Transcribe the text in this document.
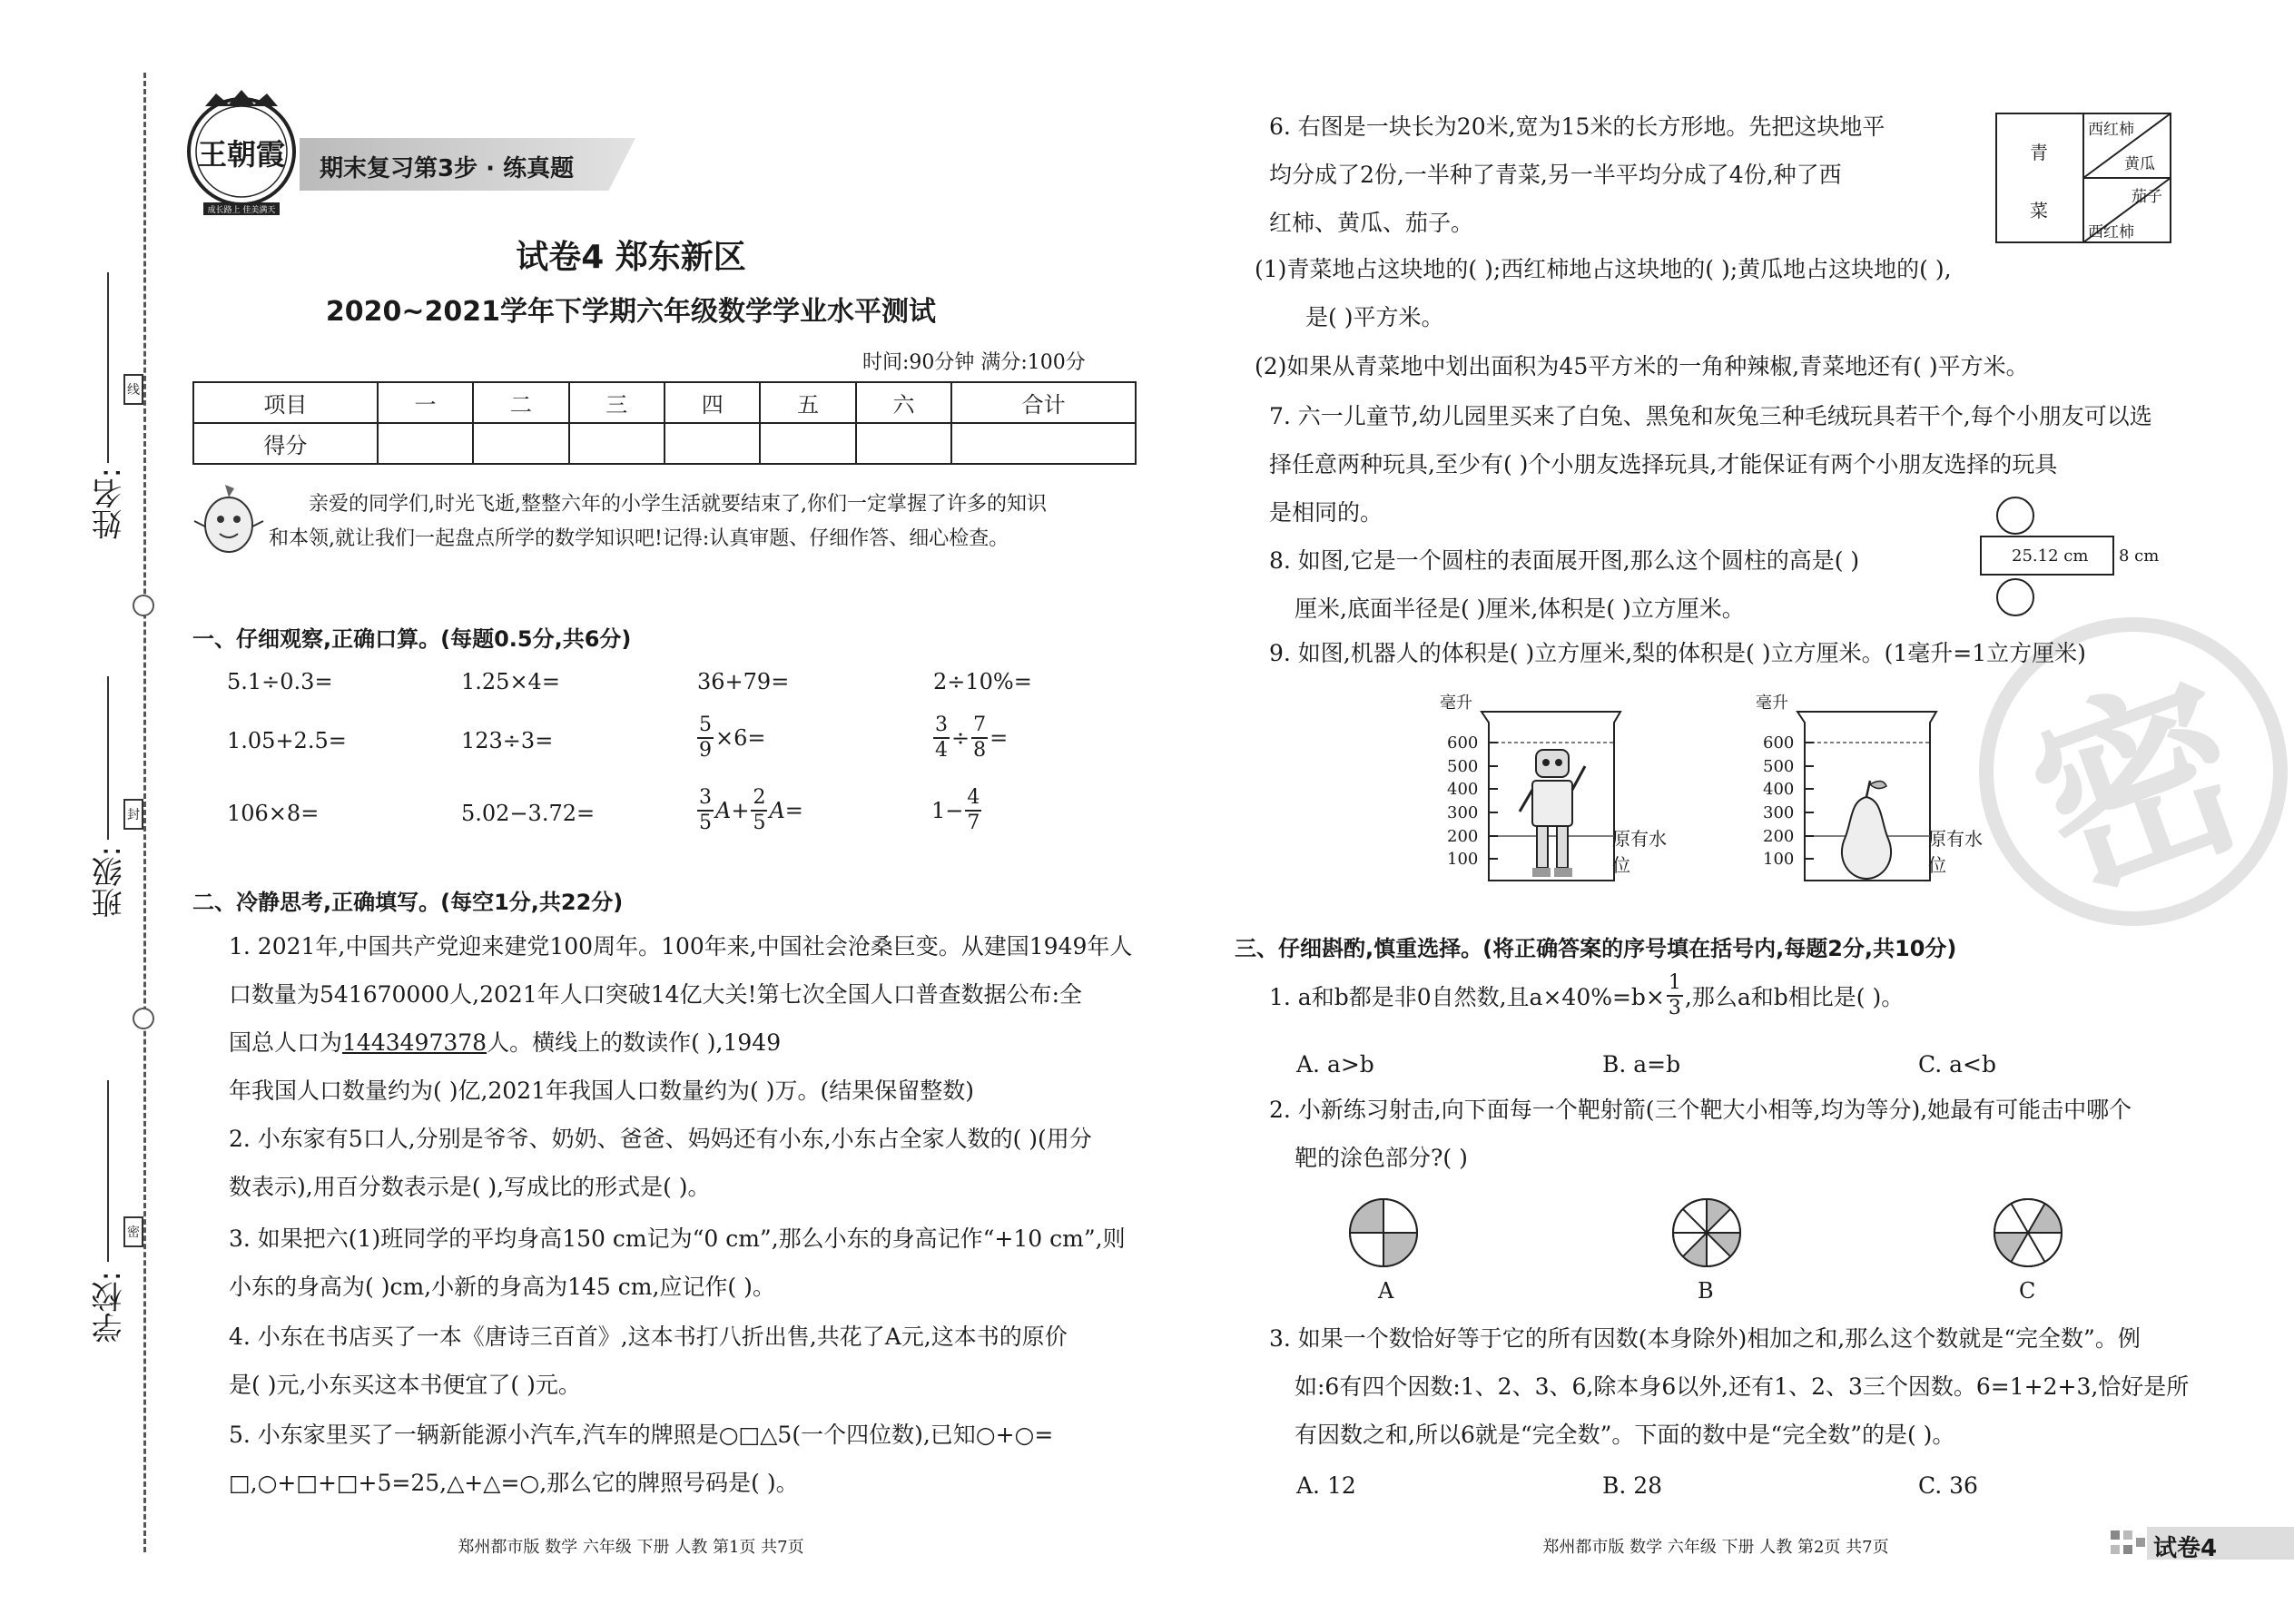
姓名:
班级:
学校:
线
封
密
王朝霞
成长路上 佳美满天
期末复习第3步 · 练真题
试卷4 郑东新区
2020~2021学年下学期六年级数学学业水平测试
时间:90分钟 满分:100分
项目	一	二	三	四	五	六	合计
得分							
亲爱的同学们,时光飞逝,整整六年的小学生活就要结束了,你们一定掌握了许多的知识
和本领,就让我们一起盘点所学的数学知识吧!记得:认真审题、仔细作答、细心检查。
一、仔细观察,正确口算。(每题0.5分,共6分)
5.1÷0.3=	1.25×4=	36+79=	2÷10%=
1.05+2.5=	123÷3=	$\frac{5}{9} \times 6=$	$\frac{3}{4} \div \frac{7}{8}$ =
106×8=	5.02−3.72=	$\frac{3}{5} A+ \frac{2}{5} A=$	$1- \frac{4}{7}$
二、冷静思考,正确填写。(每空1分,共22分)
1. 2021年,中国共产党迎来建党100周年。100年来,中国社会沧桑巨变。从建国1949年人
口数量为541670000人,2021年人口突破14亿大关!第七次全国人口普查数据公布:全
国总人口为1443497378人。横线上的数读作( ),1949
年我国人口数量约为( )亿,2021年我国人口数量约为( )万。(结果保留整数)
2. 小东家有5口人,分别是爷爷、奶奶、爸爸、妈妈还有小东,小东占全家人数的( )(用分
数表示),用百分数表示是( ),写成比的形式是( )。
3. 如果把六(1)班同学的平均身高150 cm记为“0 cm”,那么小东的身高记作“+10 cm”,则
小东的身高为( )cm,小新的身高为145 cm,应记作( )。
4. 小东在书店买了一本《唐诗三百首》,这本书打八折出售,共花了A元,这本书的原价
是( )元,小东买这本书便宜了( )元。
5. 小东家里买了一辆新能源小汽车,汽车的牌照是○□△5(一个四位数),已知○+○=
□,○+□+□+5=25,△+△=○,那么它的牌照号码是( )。
郑州都市版 数学 六年级 下册 人教 第1页 共7页
密
6. 右图是一块长为20米,宽为15米的长方形地。先把这块地平
均分成了2份,一半种了青菜,另一半平均分成了4份,种了西
红柿、黄瓜、茄子。
(1)青菜地占这块地的( );西红柿地占这块地的( );黄瓜地占这块地的( ),
是( )平方米。
(2)如果从青菜地中划出面积为45平方米的一角种辣椒,青菜地还有( )平方米。
青
菜
西红柿
黄瓜
茄子
西红柿
7. 六一儿童节,幼儿园里买来了白兔、黑兔和灰兔三种毛绒玩具若干个,每个小朋友可以选
择任意两种玩具,至少有( )个小朋友选择玩具,才能保证有两个小朋友选择的玩具
是相同的。
8. 如图,它是一个圆柱的表面展开图,那么这个圆柱的高是( )
厘米,底面半径是( )厘米,体积是( )立方厘米。
25.12 cm 8 cm
9. 如图,机器人的体积是( )立方厘米,梨的体积是( )立方厘米。(1毫升=1立方厘米)
毫升
600
500
400
300
200
100
原有水位
毫升
600
500
400
300
200
100
原有水位
三、仔细斟酌,慎重选择。(将正确答案的序号填在括号内,每题2分,共10分)
1. a和b都是非0自然数,且$a\times 40\%=b\times \frac{1}{3}$ ,那么a和b相比是( )。
A. a>b	B. a=b	C. a<b
2. 小新练习射击,向下面每一个靶射箭(三个靶大小相等,均为等分),她最有可能击中哪个
靶的涂色部分?( )
A	B	C
3. 如果一个数恰好等于它的所有因数(本身除外)相加之和,那么这个数就是“完全数”。例
如:6有四个因数:1、2、3、6,除本身6以外,还有1、2、3三个因数。6=1+2+3,恰好是所
有因数之和,所以6就是“完全数”。下面的数中是“完全数”的是( )。
A. 12	B. 28	C. 36
郑州都市版 数学 六年级 下册 人教 第2页 共7页	试卷4
